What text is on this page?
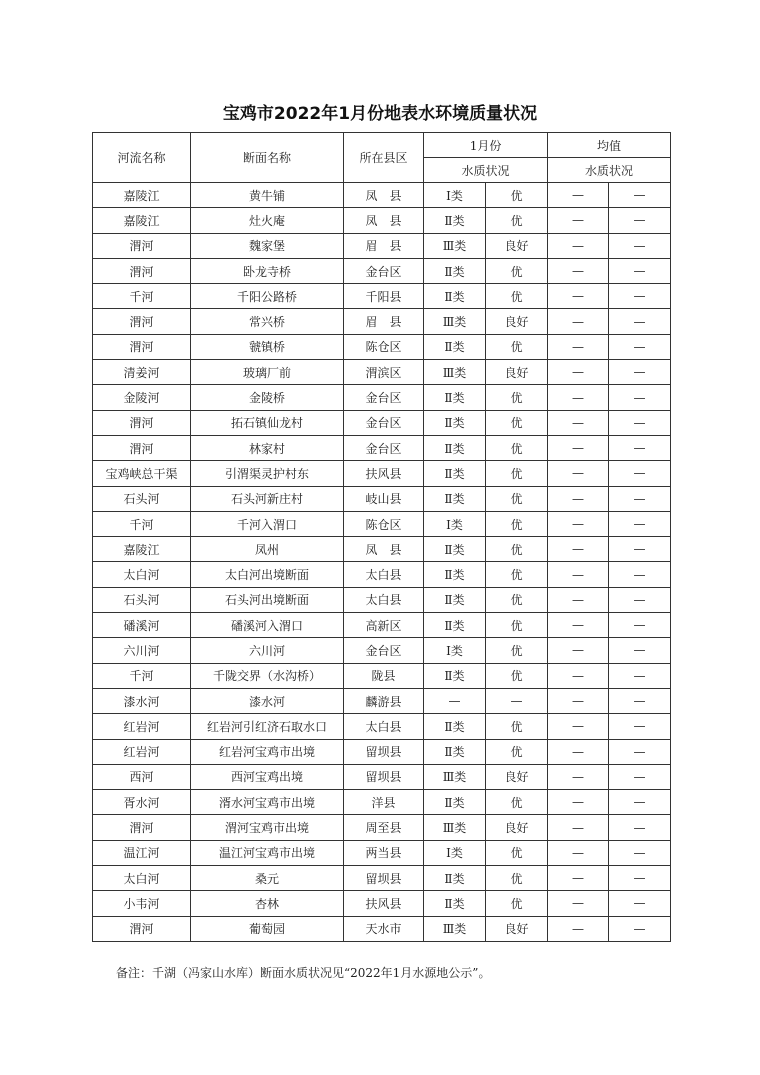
宝鸡市2022年1月份地表水环境质量状况
河流名称	断面名称	所在县区	1月份		均值	
			水质状况		水质状况	
嘉陵江	黄牛铺	凤　县	Ⅰ类	优	—	—
嘉陵江	灶火庵	凤　县	Ⅱ类	优	—	—
渭河	魏家堡	眉　县	Ⅲ类	良好	—	—
渭河	卧龙寺桥	金台区	Ⅱ类	优	—	—
千河	千阳公路桥	千阳县	Ⅱ类	优	—	—
渭河	常兴桥	眉　县	Ⅲ类	良好	—	—
渭河	虢镇桥	陈仓区	Ⅱ类	优	—	—
清姜河	玻璃厂前	渭滨区	Ⅲ类	良好	—	—
金陵河	金陵桥	金台区	Ⅱ类	优	—	—
渭河	拓石镇仙龙村	金台区	Ⅱ类	优	—	—
渭河	林家村	金台区	Ⅱ类	优	—	—
宝鸡峡总干渠	引渭渠灵护村东	扶风县	Ⅱ类	优	—	—
石头河	石头河新庄村	岐山县	Ⅱ类	优	—	—
千河	千河入渭口	陈仓区	Ⅰ类	优	—	—
嘉陵江	凤州	凤　县	Ⅱ类	优	—	—
太白河	太白河出境断面	太白县	Ⅱ类	优	—	—
石头河	石头河出境断面	太白县	Ⅱ类	优	—	—
磻溪河	磻溪河入渭口	高新区	Ⅱ类	优	—	—
六川河	六川河	金台区	Ⅰ类	优	—	—
千河	千陇交界（水沟桥）	陇县	Ⅱ类	优	—	—
漆水河	漆水河	麟游县	—	—	—	—
红岩河	红岩河引红济石取水口	太白县	Ⅱ类	优	—	—
红岩河	红岩河宝鸡市出境	留坝县	Ⅱ类	优	—	—
西河	西河宝鸡出境	留坝县	Ⅲ类	良好	—	—
胥水河	湑水河宝鸡市出境	洋县	Ⅱ类	优	—	—
渭河	渭河宝鸡市出境	周至县	Ⅲ类	良好	—	—
温江河	温江河宝鸡市出境	两当县	Ⅰ类	优	—	—
太白河	桑元	留坝县	Ⅱ类	优	—	—
小韦河	杏林	扶风县	Ⅱ类	优	—	—
渭河	葡萄园	天水市	Ⅲ类	良好	—	—
备注：千湖（冯家山水库）断面水质状况见“2022年1月水源地公示”。
